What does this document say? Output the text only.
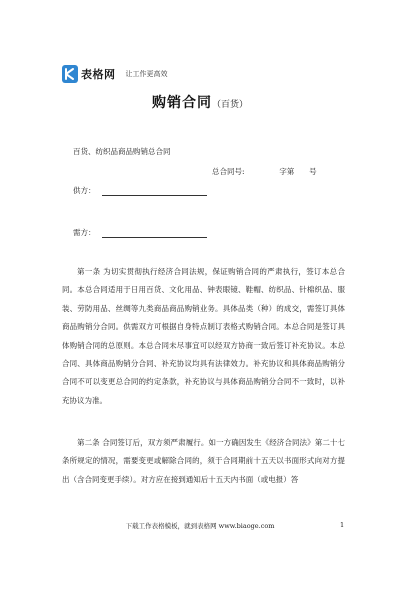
表格网 让工作更高效
购销合同（百货）
百货、纺织品商品购销总合同
总合同号:	字第 号
供方：
需方：
第一条 为切实贯彻执行经济合同法规，保证购销合同的严肃执行，签订本总合同。本总合同适用于日用百货、文化用品、钟表眼镜、鞋帽、纺织品、针棉织品、服装、劳防用品、丝绸等九类商品商品购销业务。具体品类（种）的成交，需签订具体商品购销分合同。供需双方可根据自身特点制订表格式购销合同。本总合同是签订具体购销合同的总原则。本总合同未尽事宜可以经双方协商一致后签订补充协议。本总合同、具体商品购销分合同、补充协议均具有法律效力。补充协议和具体商品购销分合同不可以变更总合同的约定条款，补充协议与具体商品购销分合同不一致时，以补充协议为准。
第二条 合同签订后，双方须严肃履行。如一方确因发生《经济合同法》第二十七条所规定的情况，需要变更或解除合同的，须于合同期前十五天以书面形式向对方提出（含合同变更手续）。对方应在接到通知后十五天内书面（或电报）答
下载工作表格模板，就到表格网 www.biaoge.com	1
